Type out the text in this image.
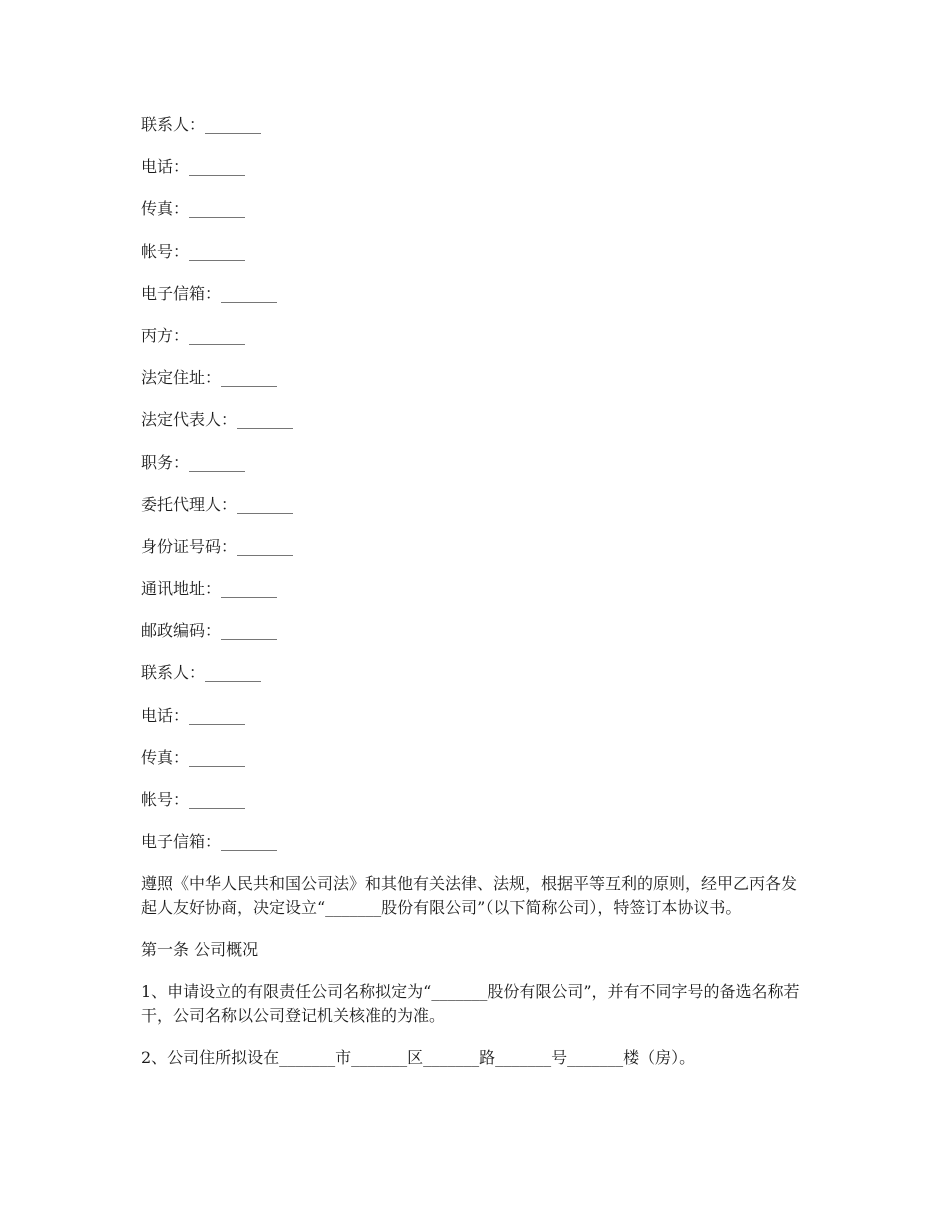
联系人：_______
电话：_______
传真：_______
帐号：_______
电子信箱：_______
丙方：_______
法定住址：_______
法定代表人：_______
职务：_______
委托代理人：_______
身份证号码：_______
通讯地址：_______
邮政编码：_______
联系人：_______
电话：_______
传真：_______
帐号：_______
电子信箱：_______

遵照《中华人民共和国公司法》和其他有关法律、法规，根据平等互利的原则，经甲乙丙各发起人友好协商，决定设立“_______股份有限公司”（以下简称公司），特签订本协议书。

第一条 公司概况

1、申请设立的有限责任公司名称拟定为“_______股份有限公司”，并有不同字号的备选名称若干，公司名称以公司登记机关核准的为准。

2、公司住所拟设在_______市_______区_______路_______号_______楼（房）。
